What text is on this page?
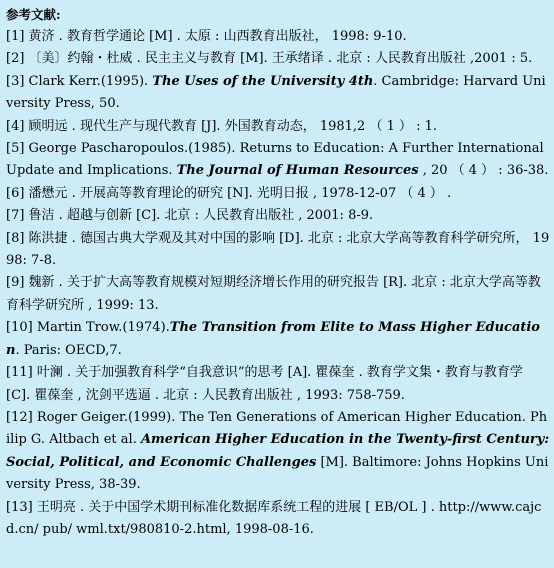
参考文献:
[1] 黄济 . 教育哲学通论 [M] . 太原 : 山西教育出版社， 1998: 9-10.
[2] 〔美〕约翰・杜威 . 民主主义与教育 [M]. 王承绪译 . 北京 : 人民教育出版社 ,2001 : 5.
[3] Clark Kerr.(1995). The Uses of the University 4th. Cambridge: Harvard University Press, 50.
[4] 顾明远 . 现代生产与现代教育 [J]. 外国教育动态， 1981,2 （ 1 ） : 1.
[5] George Pascharopoulos.(1985). Returns to Education: A Further International Update and Implications. The Journal of Human Resources , 20 （ 4 ） : 36-38.
[6] 潘懋元 . 开展高等教育理论的研究 [N]. 光明日报 , 1978-12-07 （ 4 ） .
[7] 鲁洁 . 超越与创新 [C]. 北京 : 人民教育出版社 , 2001: 8-9.
[8] 陈洪捷 . 德国古典大学观及其对中国的影响 [D]. 北京 : 北京大学高等教育科学研究所， 1998: 7-8.
[9] 魏新 . 关于扩大高等教育规模对短期经济增长作用的研究报告 [R]. 北京 : 北京大学高等教育科学研究所 , 1999: 13.
[10] Martin Trow.(1974).The Transition from Elite to Mass Higher Education. Paris: OECD,7.
[11] 叶澜 . 关于加强教育科学“自我意识”的思考 [A]. 瞿葆奎 . 教育学文集・教育与教育学 [C]. 瞿葆奎 , 沈剑平选逼 . 北京 : 人民教育出版社 , 1993: 758-759.
[12] Roger Geiger.(1999). The Ten Generations of American Higher Education. Philip G. Altbach et al. American Higher Education in the Twenty-first Century: Social, Political, and Economic Challenges [M]. Baltimore: Johns Hopkins University Press, 38-39.
[13] 王明亮 . 关于中国学术期刊标准化数据库系统工程的进展 [ EB/OL ] . http://www.cajcd.cn/ pub/ wml.txt/980810-2.html, 1998-08-16.
